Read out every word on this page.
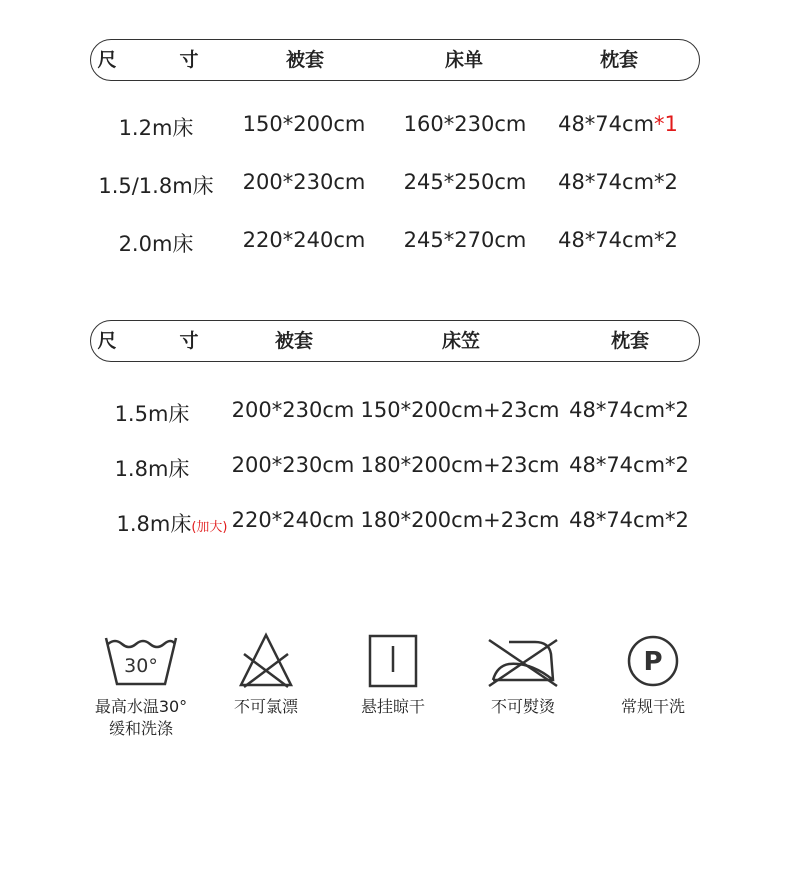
尺　寸	被套	床单	枕套
1.2m床 150*200cm 160*230cm 48*74cm*1
1.5/1.8m床 200*230cm 245*250cm 48*74cm*2
2.0m床 220*240cm 245*270cm 48*74cm*2
尺　寸	被套	床笠	枕套
1.5m床 200*230cm 150*200cm+23cm 48*74cm*2
1.8m床 200*230cm 180*200cm+23cm 48*74cm*2
1.8m床(加大) 220*240cm 180*200cm+23cm 48*74cm*2
30°
最高水温30°
缓和洗涤
不可氯漂	悬挂晾干	不可熨烫
P
常规干洗
